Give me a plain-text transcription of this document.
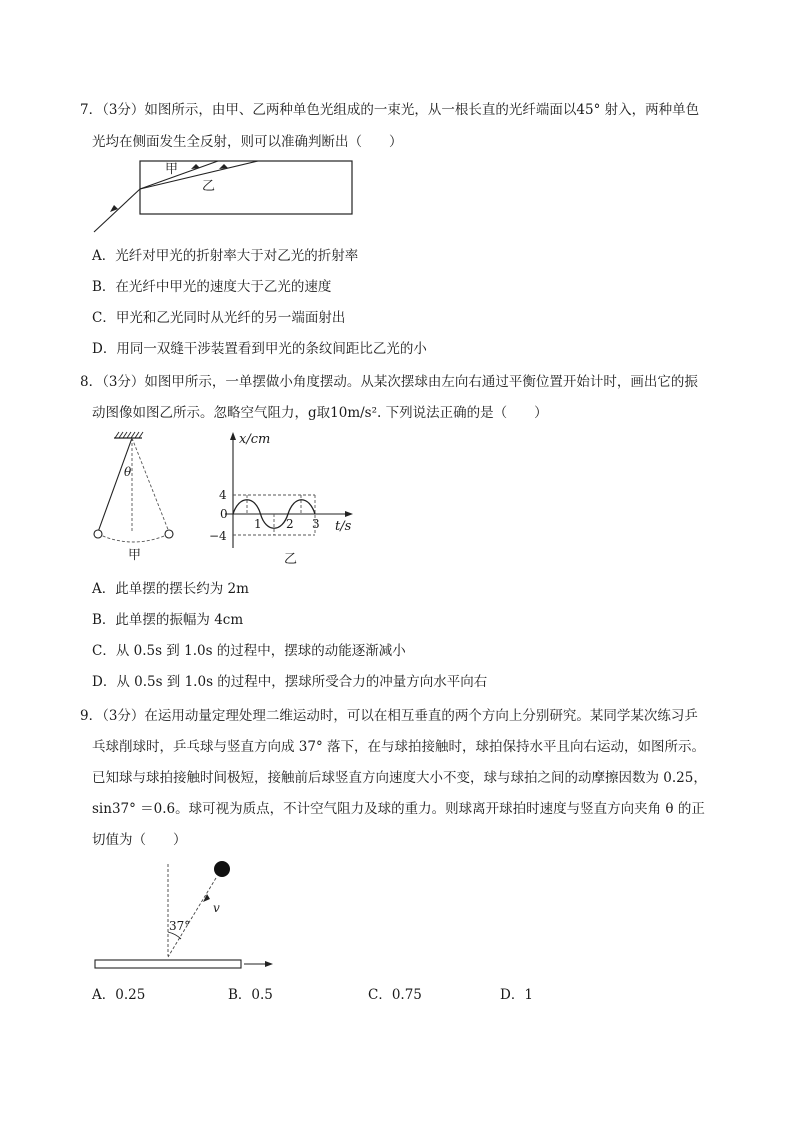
7．（3分）如图所示，由甲、乙两种单色光组成的一束光，从一根长直的光纤端面以45° 射入，两种单色
光均在侧面发生全反射，则可以准确判断出（　　）
甲
乙
A．光纤对甲光的折射率大于对乙光的折射率
B．在光纤中甲光的速度大于乙光的速度
C．甲光和乙光同时从光纤的另一端面射出
D．用同一双缝干涉装置看到甲光的条纹间距比乙光的小
8．（3分）如图甲所示，一单摆做小角度摆动。从某次摆球由左向右通过平衡位置开始计时，画出它的振
动图像如图乙所示。忽略空气阻力，g取10m/s². 下列说法正确的是（　　）
θ
甲
x/cm
t/s
4
0
−4
1 2 3
乙
A．此单摆的摆长约为 2m
B．此单摆的振幅为 4cm
C．从 0.5s 到 1.0s 的过程中，摆球的动能逐渐减小
D．从 0.5s 到 1.0s 的过程中，摆球所受合力的冲量方向水平向右
9．（3分）在运用动量定理处理二维运动时，可以在相互垂直的两个方向上分别研究。某同学某次练习乒
乓球削球时，乒乓球与竖直方向成 37° 落下，在与球拍接触时，球拍保持水平且向右运动，如图所示。
已知球与球拍接触时间极短，接触前后球竖直方向速度大小不变，球与球拍之间的动摩擦因数为 0.25，
sin37° ＝0.6。球可视为质点，不计空气阻力及球的重力。则球离开球拍时速度与竖直方向夹角 θ 的正
切值为（　　）
v
37°
A．0.25	B．0.5	C．0.75	D．1
